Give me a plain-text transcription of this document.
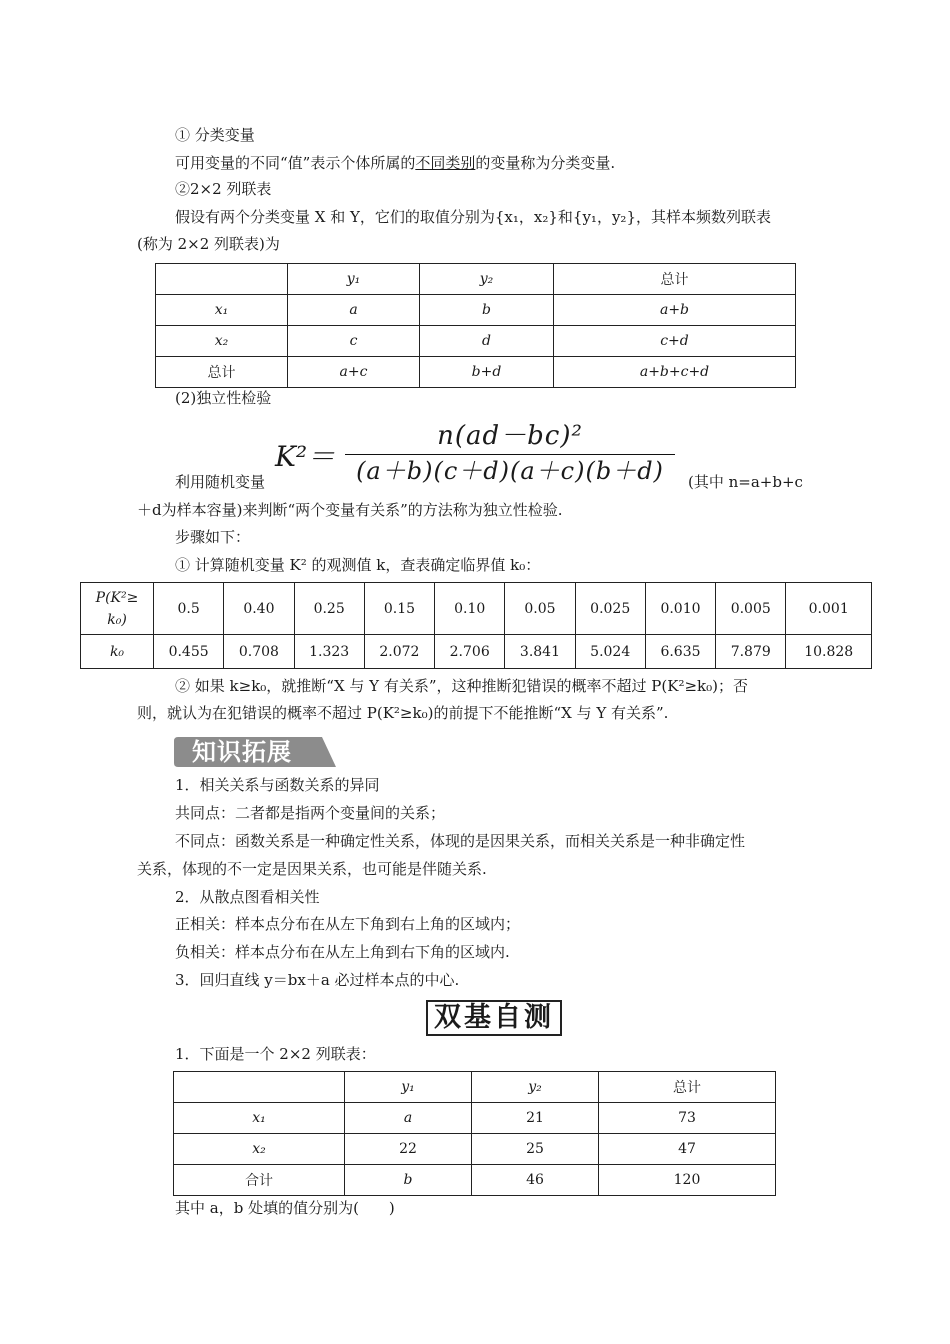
① 分类变量
可用变量的不同“值”表示个体所属的不同类别的变量称为分类变量.
②2×2 列联表
假设有两个分类变量 X 和 Y，它们的取值分别为{x₁，x₂}和{y₁，y₂}，其样本频数列联表
(称为 2×2 列联表)为
	y₁	y₂	总计
x₁	a	b	a+b
x₂	c	d	c+d
总计	a+c	b+d	a+b+c+d
(2)独立性检验
K²＝
n(ad－bc)²
(a＋b)(c＋d)(a＋c)(b＋d)
利用随机变量	(其中 n=a+b+c
＋d为样本容量)来判断“两个变量有关系”的方法称为独立性检验.
步骤如下：
① 计算随机变量 K² 的观测值 k，查表确定临界值 k₀：
P(K²≥
k₀)	0.5	0.40	0.25	0.15	0.10	0.05	0.025	0.010	0.005	0.001
k₀	0.455	0.708	1.323	2.072	2.706	3.841	5.024	6.635	7.879	10.828
② 如果 k≥k₀，就推断“X 与 Y 有关系”，这种推断犯错误的概率不超过 P(K²≥k₀)；否
则，就认为在犯错误的概率不超过 P(K²≥k₀)的前提下不能推断“X 与 Y 有关系”.
知识拓展
1．相关关系与函数关系的异同
共同点：二者都是指两个变量间的关系；
不同点：函数关系是一种确定性关系，体现的是因果关系，而相关关系是一种非确定性
关系，体现的不一定是因果关系，也可能是伴随关系.
2．从散点图看相关性
正相关：样本点分布在从左下角到右上角的区域内；
负相关：样本点分布在从左上角到右下角的区域内.
3．回归直线 y＝bx＋a 必过样本点的中心.
双基自测
1．下面是一个 2×2 列联表：
	y₁	y₂	总计
x₁	a	21	73
x₂	22	25	47
合计	b	46	120
其中 a，b 处填的值分别为(　　)
